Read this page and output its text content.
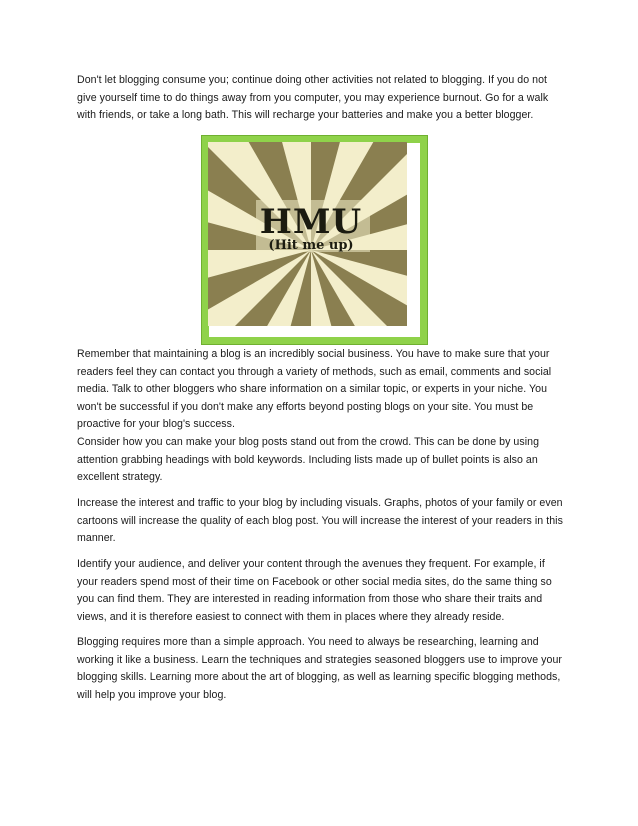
Don't let blogging consume you; continue doing other activities not related to blogging. If you do not give yourself time to do things away from you computer, you may experience burnout. Go for a walk with friends, or take a long bath. This will recharge your batteries and make you a better blogger.

HMU
(Hit me up)

Remember that maintaining a blog is an incredibly social business. You have to make sure that your readers feel they can contact you through a variety of methods, such as email, comments and social media. Talk to other bloggers who share information on a similar topic, or experts in your niche. You won't be successful if you don't make any efforts beyond posting blogs on your site. You must be proactive for your blog's success.

Consider how you can make your blog posts stand out from the crowd. This can be done by using attention grabbing headings with bold keywords. Including lists made up of bullet points is also an excellent strategy.

Increase the interest and traffic to your blog by including visuals. Graphs, photos of your family or even cartoons will increase the quality of each blog post. You will increase the interest of your readers in this manner.

Identify your audience, and deliver your content through the avenues they frequent. For example, if your readers spend most of their time on Facebook or other social media sites, do the same thing so you can find them. They are interested in reading information from those who share their traits and views, and it is therefore easiest to connect with them in places where they already reside.

Blogging requires more than a simple approach. You need to always be researching, learning and working it like a business. Learn the techniques and strategies seasoned bloggers use to improve your blogging skills. Learning more about the art of blogging, as well as learning specific blogging methods, will help you improve your blog.
